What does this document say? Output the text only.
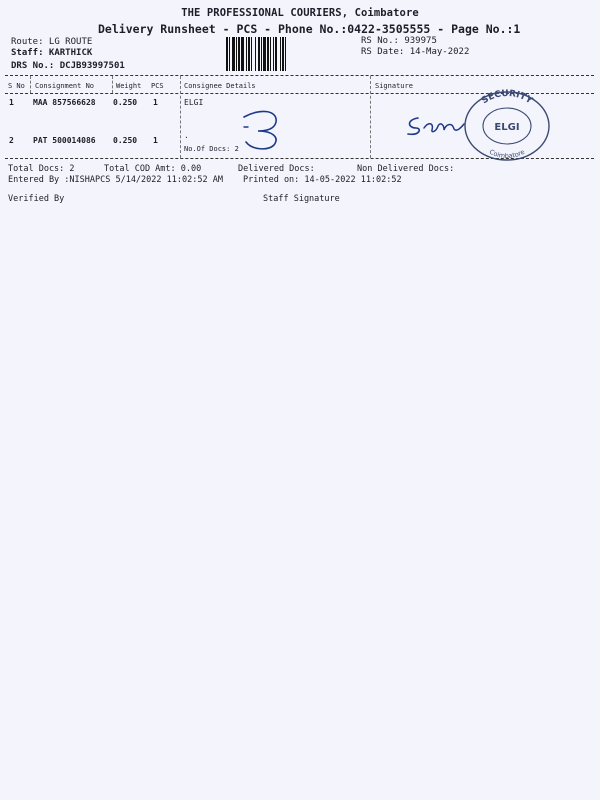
THE PROFESSIONAL COURIERS, Coimbatore
Delivery Runsheet - PCS - Phone No.:0422-3505555 - Page No.:1
Route: LG ROUTE
Staff: KARTHICK
DRS No.: DCJB93997501
RS No.: 939975
RS Date: 14-May-2022
S No Consignment No	Weight PCS	Consignee Details	Signature
1 MAA 857566628 0.250 1	ELGI
2 PAT 500014086 0.250 1
.
No.Of Docs: 2
SECURITY
ELGI
Coimbatore
Total Docs: 2	Total COD Amt: 0.00	Delivered Docs:	Non Delivered Docs:
Entered By :NISHAPCS 5/14/2022 11:02:52 AM Printed on: 14-05-2022 11:02:52
Verified By	Staff Signature
